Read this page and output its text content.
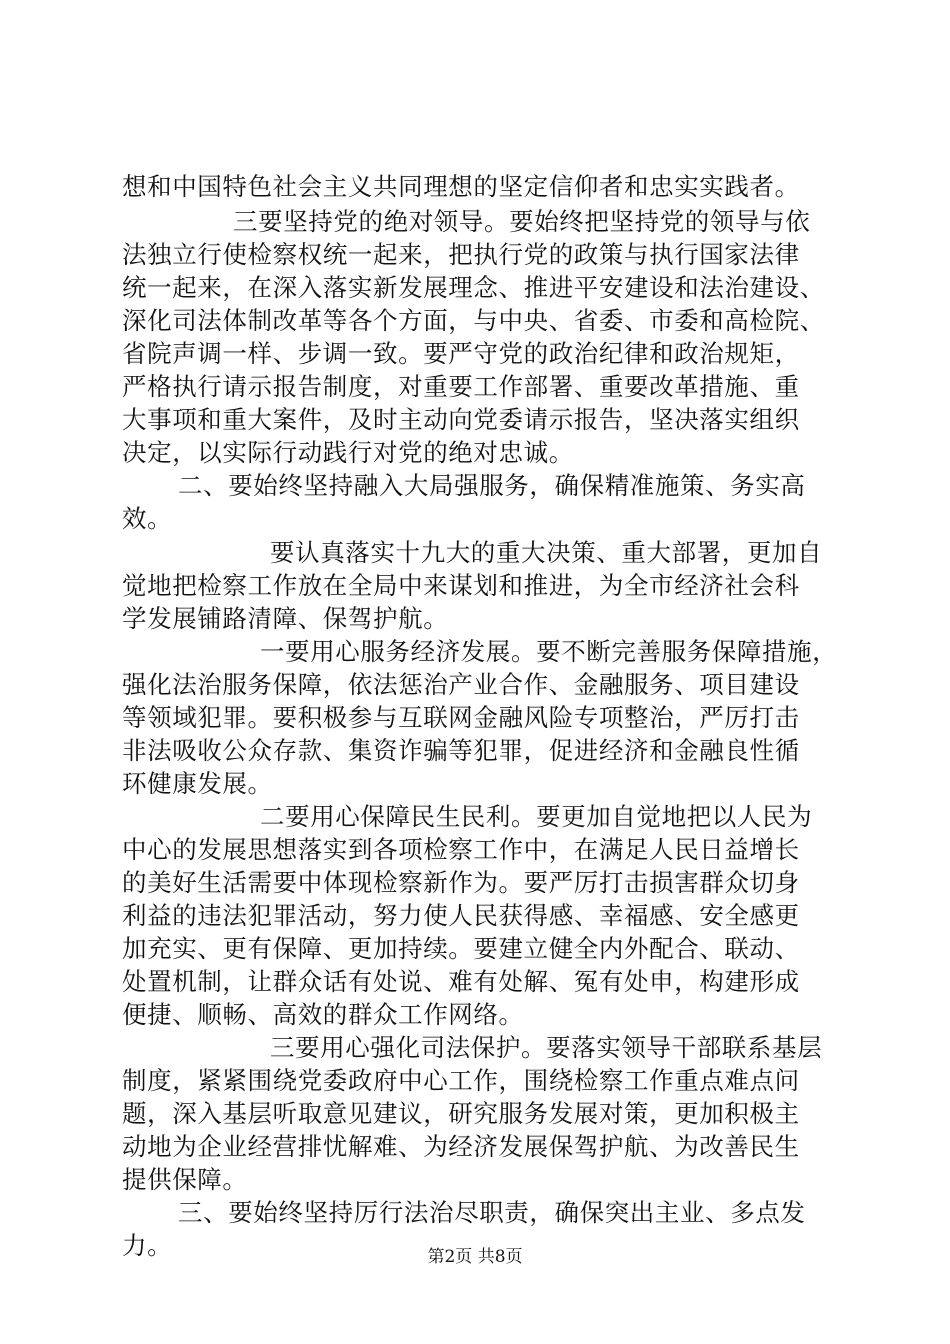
想和中国特色社会主义共同理想的坚定信仰者和忠实实践者。
三要坚持党的绝对领导。要始终把坚持党的领导与依
法独立行使检察权统一起来，把执行党的政策与执行国家法律
统一起来，在深入落实新发展理念、推进平安建设和法治建设、
深化司法体制改革等各个方面，与中央、省委、市委和高检院、
省院声调一样、步调一致。要严守党的政治纪律和政治规矩，
严格执行请示报告制度，对重要工作部署、重要改革措施、重
大事项和重大案件，及时主动向党委请示报告，坚决落实组织
决定，以实际行动践行对党的绝对忠诚。
二、要始终坚持融入大局强服务，确保精准施策、务实高
效。
要认真落实十九大的重大决策、重大部署，更加自
觉地把检察工作放在全局中来谋划和推进，为全市经济社会科
学发展铺路清障、保驾护航。
一要用心服务经济发展。要不断完善服务保障措施，
强化法治服务保障，依法惩治产业合作、金融服务、项目建设
等领域犯罪。要积极参与互联网金融风险专项整治，严厉打击
非法吸收公众存款、集资诈骗等犯罪，促进经济和金融良性循
环健康发展。
二要用心保障民生民利。要更加自觉地把以人民为
中心的发展思想落实到各项检察工作中，在满足人民日益增长
的美好生活需要中体现检察新作为。要严厉打击损害群众切身
利益的违法犯罪活动，努力使人民获得感、幸福感、安全感更
加充实、更有保障、更加持续。要建立健全内外配合、联动、
处置机制，让群众话有处说、难有处解、冤有处申，构建形成
便捷、顺畅、高效的群众工作网络。
三要用心强化司法保护。要落实领导干部联系基层
制度，紧紧围绕党委政府中心工作，围绕检察工作重点难点问
题，深入基层听取意见建议，研究服务发展对策，更加积极主
动地为企业经营排忧解难、为经济发展保驾护航、为改善民生
提供保障。
三、要始终坚持厉行法治尽职责，确保突出主业、多点发
力。	第2页 共8页
